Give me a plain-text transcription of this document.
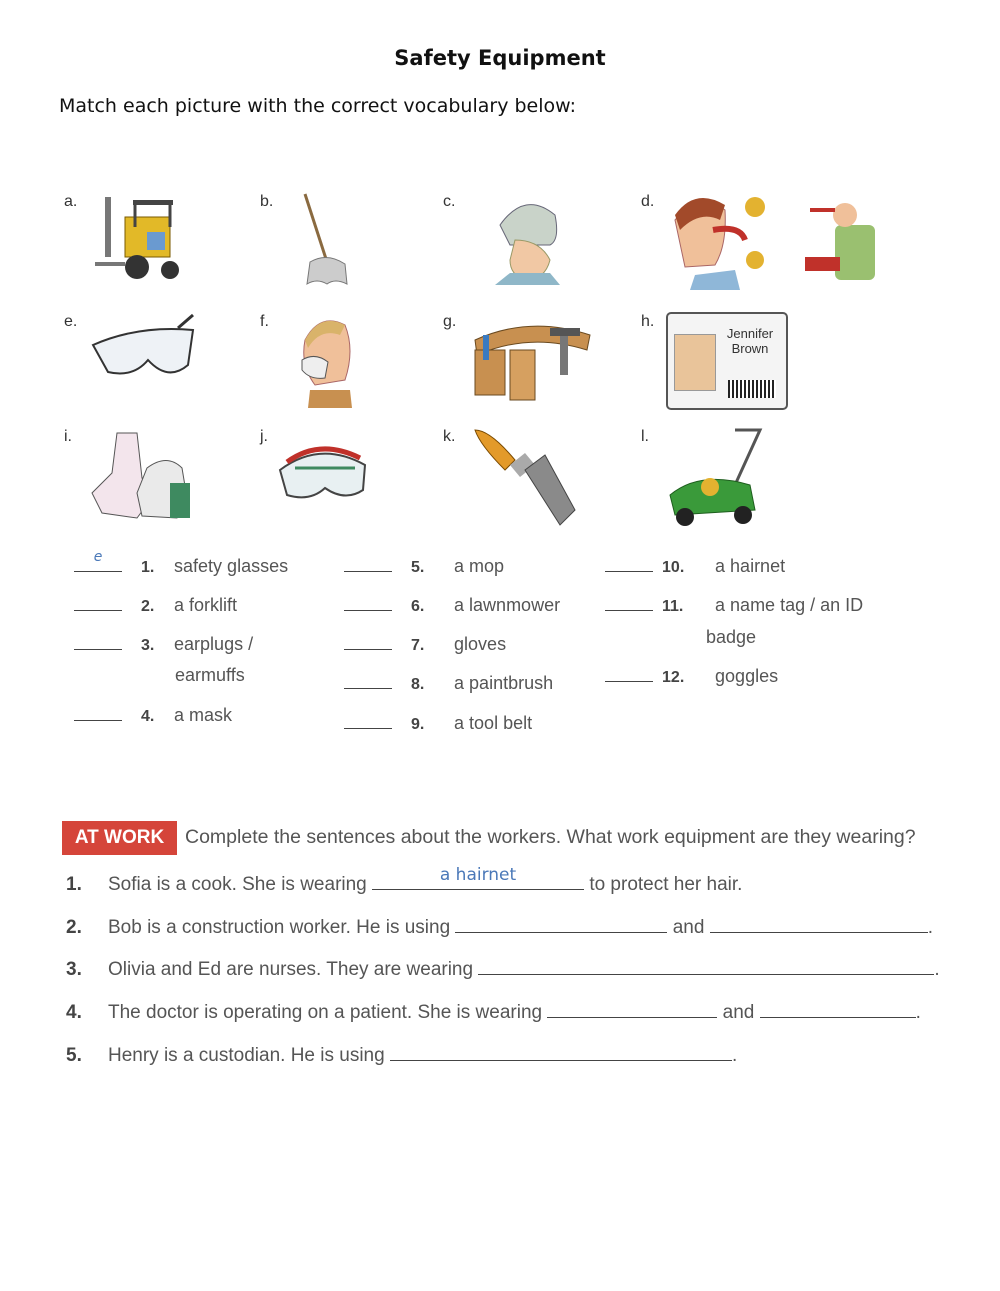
Safety Equipment
Match each picture with the correct vocabulary below:
a.	b.	c.	d.
e.	f.	g.	h.
Jennifer Brown
i.	j.	k.	l.
e
1. safety glasses
2. a forklift
3. earplugs /
earmuffs
4. a mask
5. a mop
6. a lawnmower
7. gloves
8. a paintbrush
9. a tool belt
10. a hairnet
11. a name tag / an ID
badge
12. goggles
AT WORK	Complete the sentences about the workers. What work equipment are they wearing?
1. Sofia is a cook. She is wearing	a hairnet	to protect her hair.
2. Bob is a construction worker. He is using	and	.
3. Olivia and Ed are nurses. They are wearing	.
4. The doctor is operating on a patient. She is wearing	and	.
5. Henry is a custodian. He is using	.
